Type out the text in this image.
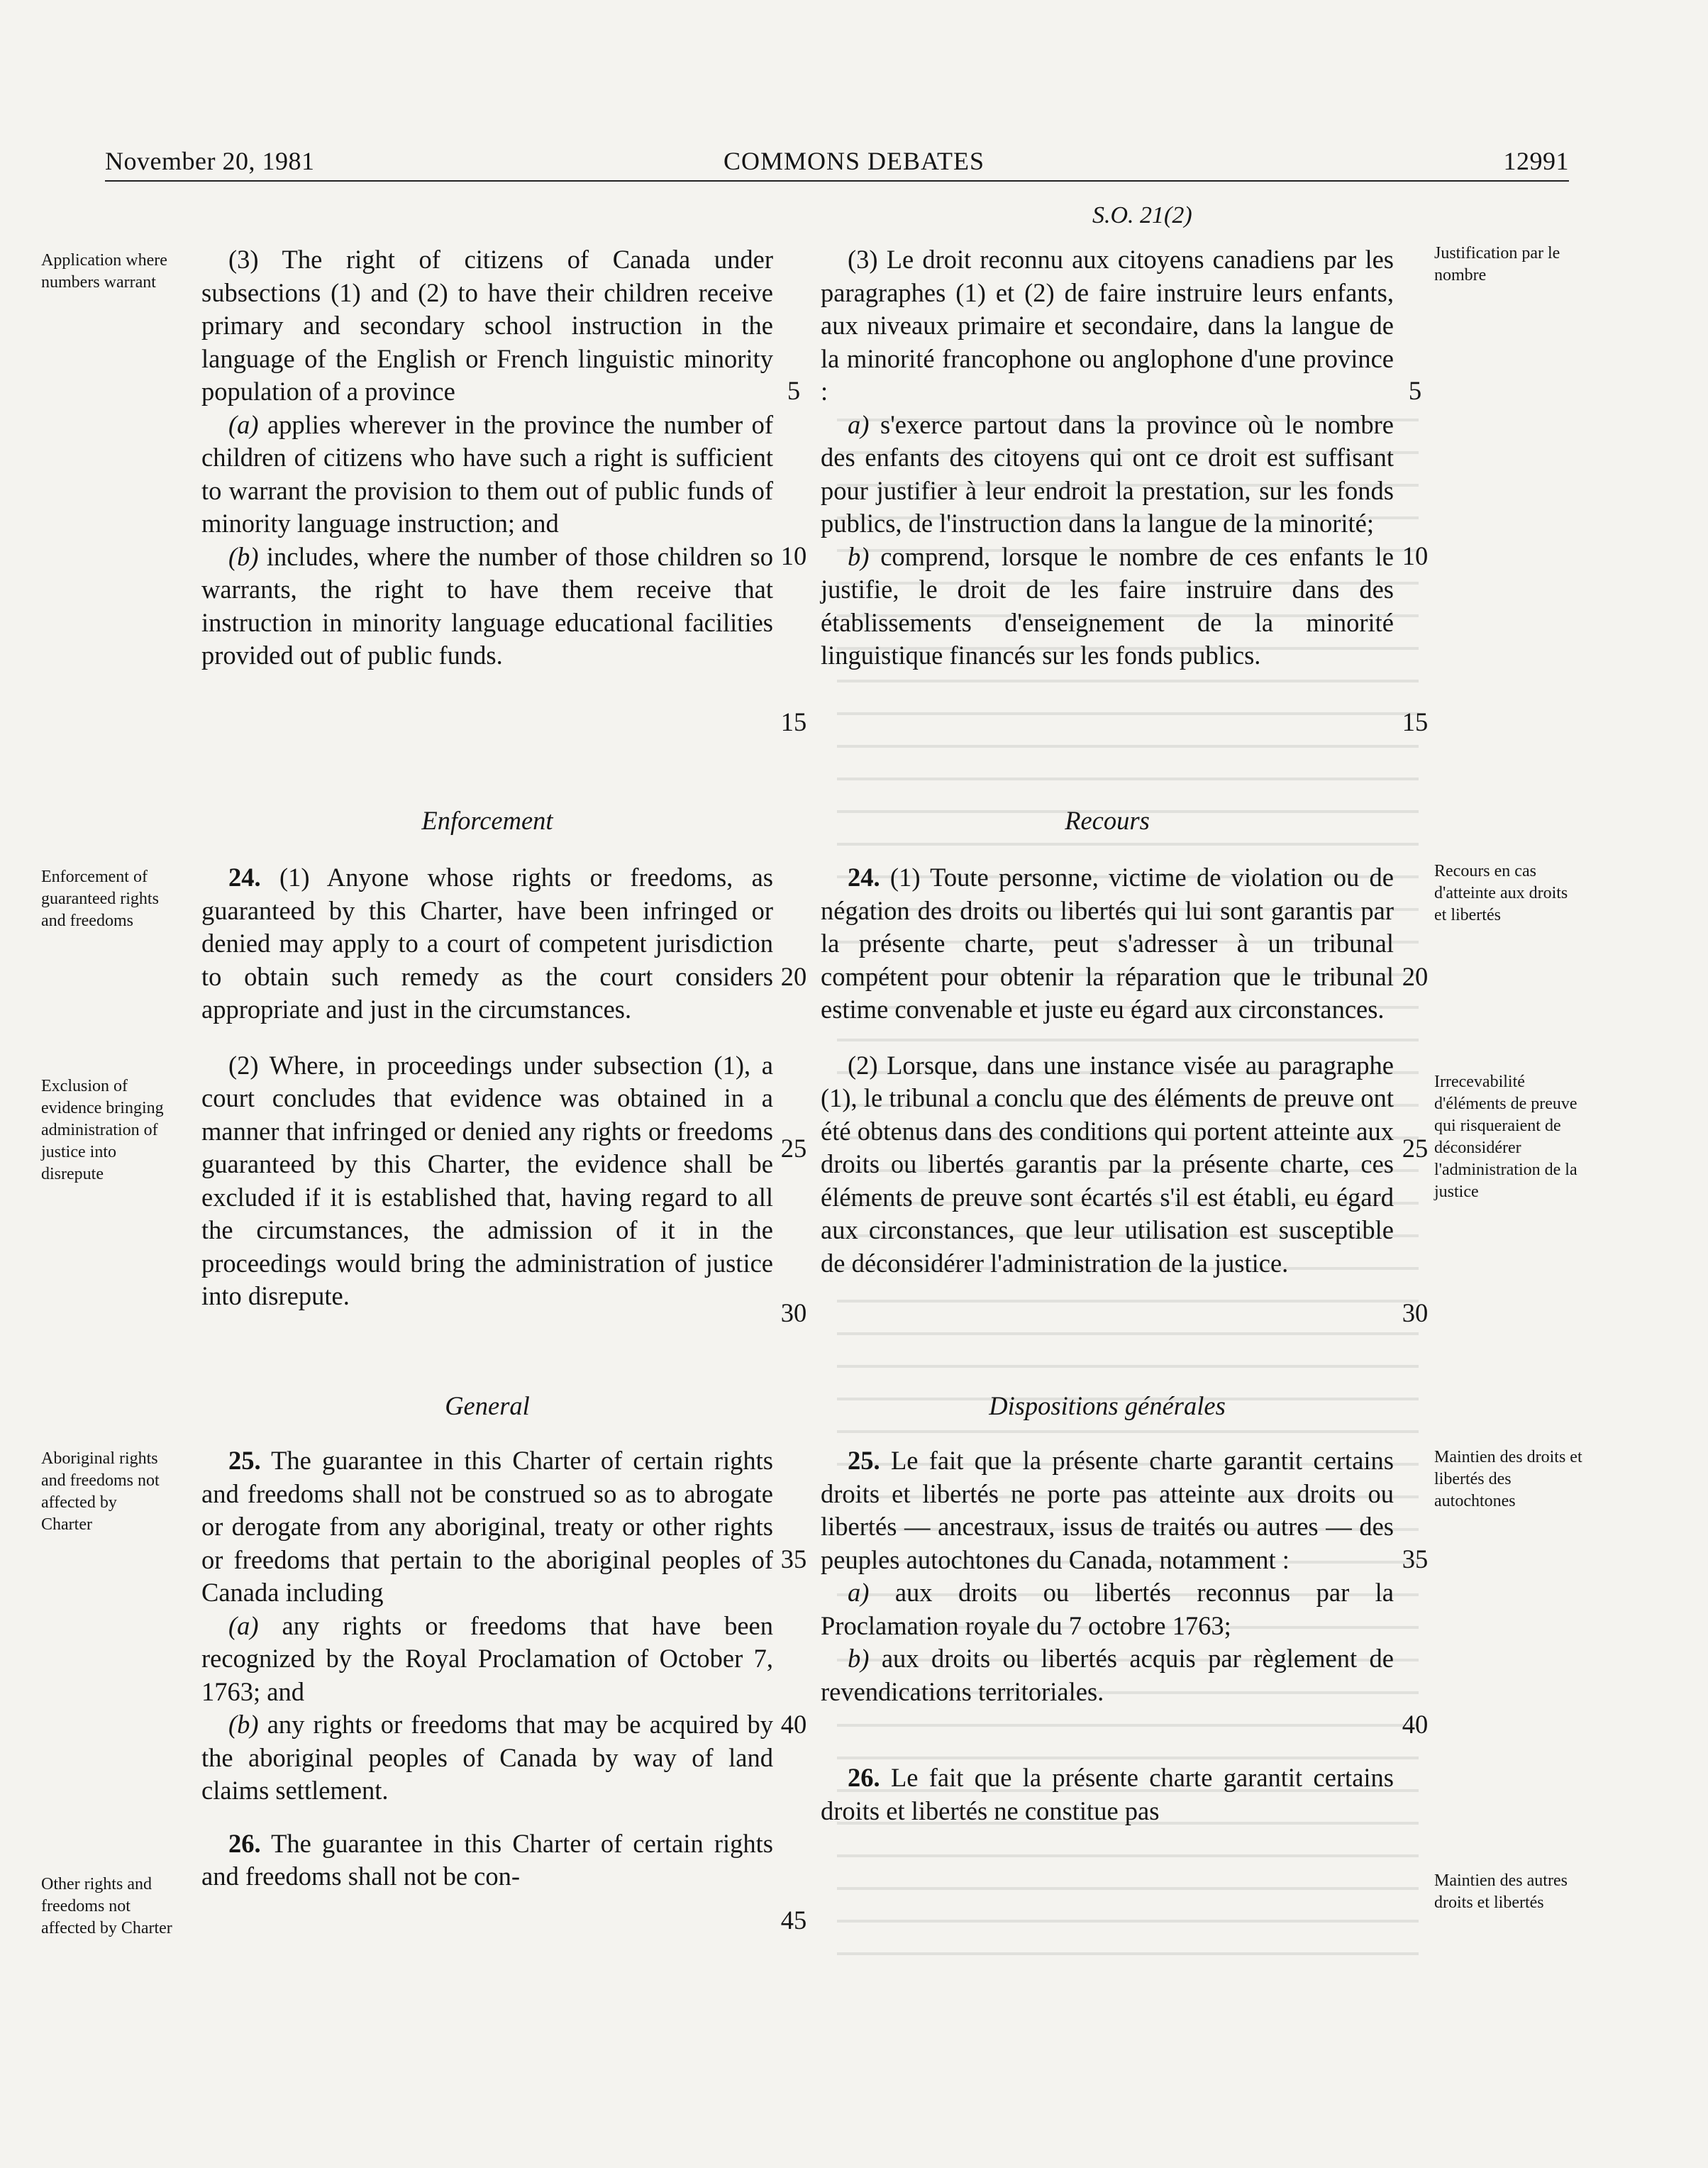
November 20, 1981	COMMONS DEBATES	12991
S.O. 21(2)
Application where numbers warrant
Enforcement of guaranteed rights and freedoms
Exclusion of evidence bringing administration of justice into disrepute
Aboriginal rights and freedoms not affected by Charter
Other rights and freedoms not affected by Charter
Justification par le nombre
Recours en cas d'atteinte aux droits et libertés
Irrecevabilité d'éléments de preuve qui risqueraient de déconsidérer l'administration de la justice
Maintien des droits et libertés des autochtones
Maintien des autres droits et libertés

(3) The right of citizens of Canada under subsections (1) and (2) to have their children receive primary and secondary school instruction in the language of the English or French linguistic minority population of a province

(a) applies wherever in the province the number of children of citizens who have such a right is sufficient to warrant the provision to them out of public funds of minority language instruction; and

(b) includes, where the number of those children so warrants, the right to have them receive that instruction in minority language educational facilities provided out of public funds.

Enforcement

24. (1) Anyone whose rights or freedoms, as guaranteed by this Charter, have been infringed or denied may apply to a court of competent jurisdiction to obtain such remedy as the court considers appropriate and just in the circumstances.

(2) Where, in proceedings under subsection (1), a court concludes that evidence was obtained in a manner that infringed or denied any rights or freedoms guaranteed by this Charter, the evidence shall be excluded if it is established that, having regard to all the circumstances, the admission of it in the proceedings would bring the administration of justice into disrepute.

General

25. The guarantee in this Charter of certain rights and freedoms shall not be construed so as to abrogate or derogate from any aboriginal, treaty or other rights or freedoms that pertain to the aboriginal peoples of Canada including

(a) any rights or freedoms that have been recognized by the Royal Proclamation of October 7, 1763; and

(b) any rights or freedoms that may be acquired by the aboriginal peoples of Canada by way of land claims settlement.

26. The guarantee in this Charter of certain rights and freedoms shall not be con-

(3) Le droit reconnu aux citoyens canadiens par les paragraphes (1) et (2) de faire instruire leurs enfants, aux niveaux primaire et secondaire, dans la langue de la minorité francophone ou anglophone d'une province :

a) s'exerce partout dans la province où le nombre des enfants des citoyens qui ont ce droit est suffisant pour justifier à leur endroit la prestation, sur les fonds publics, de l'instruction dans la langue de la minorité;

b) comprend, lorsque le nombre de ces enfants le justifie, le droit de les faire instruire dans des établissements d'enseignement de la minorité linguistique financés sur les fonds publics.

Recours

24. (1) Toute personne, victime de violation ou de négation des droits ou libertés qui lui sont garantis par la présente charte, peut s'adresser à un tribunal compétent pour obtenir la réparation que le tribunal estime convenable et juste eu égard aux circonstances.

(2) Lorsque, dans une instance visée au paragraphe (1), le tribunal a conclu que des éléments de preuve ont été obtenus dans des conditions qui portent atteinte aux droits ou libertés garantis par la présente charte, ces éléments de preuve sont écartés s'il est établi, eu égard aux circonstances, que leur utilisation est susceptible de déconsidérer l'administration de la justice.

Dispositions générales

25. Le fait que la présente charte garantit certains droits et libertés ne porte pas atteinte aux droits ou libertés — ancestraux, issus de traités ou autres — des peuples autochtones du Canada, notamment :

a) aux droits ou libertés reconnus par la Proclamation royale du 7 octobre 1763;

b) aux droits ou libertés acquis par règlement de revendications territoriales.

26. Le fait que la présente charte garantit certains droits et libertés ne constitue pas

5
10
15
20
25
30
35
40
45
5
10
15
20
25
30
35
40
